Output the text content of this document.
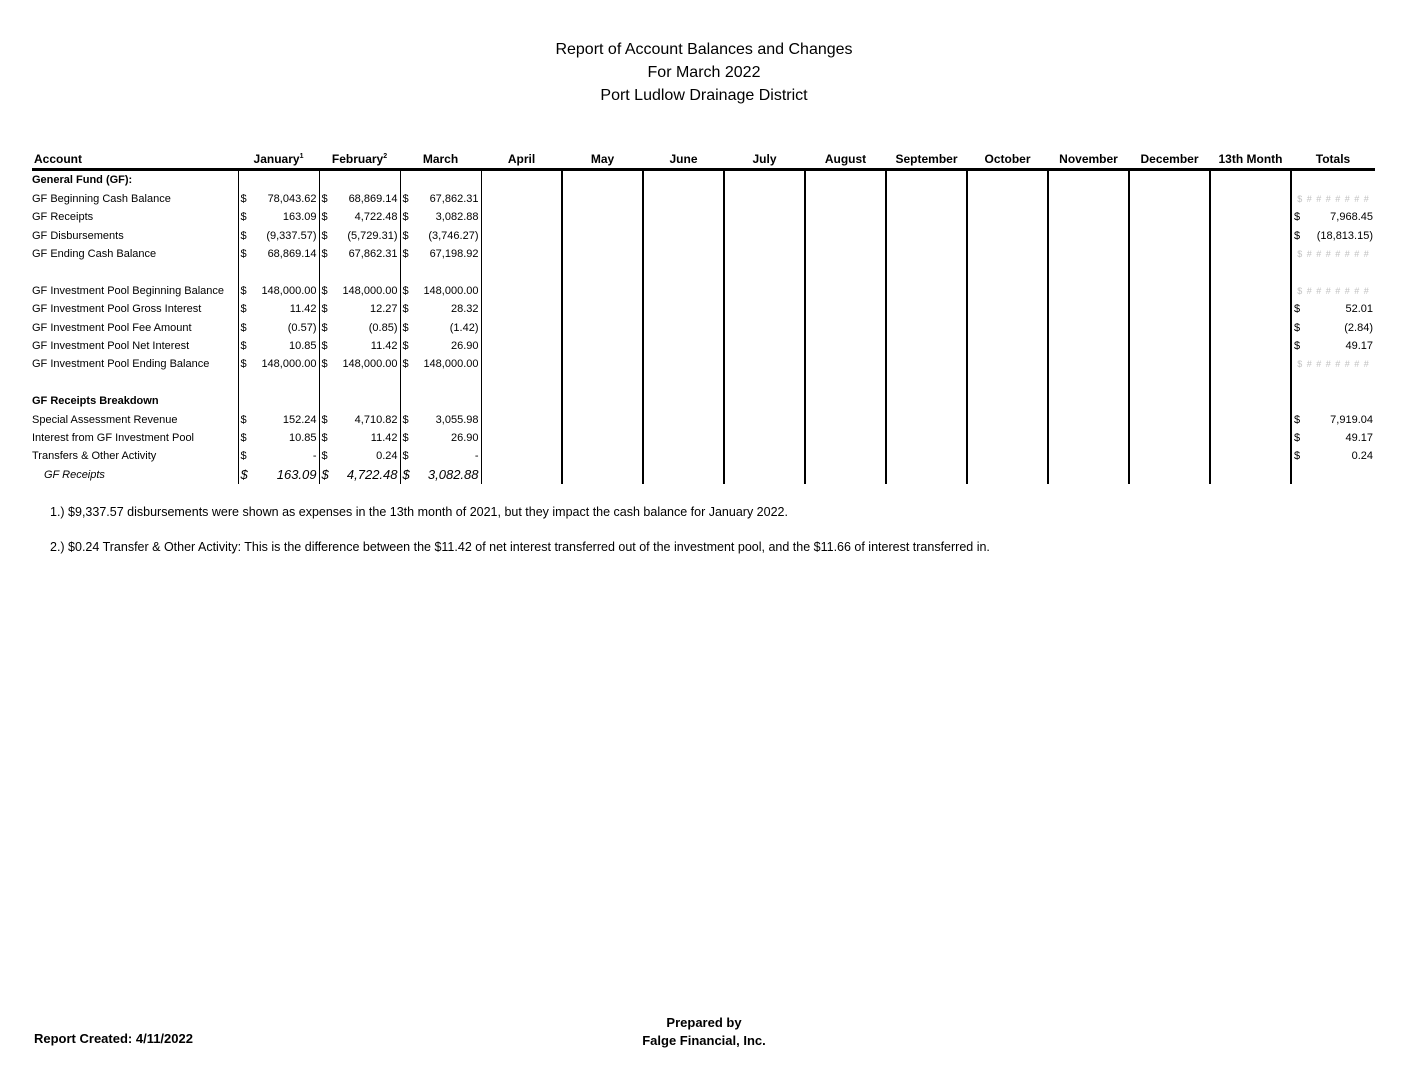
Report of Account Balances and Changes
For March 2022
Port Ludlow Drainage District
Account	January$^1$	February$^2$	March	April	May	June	July	August	September	October	November	December	13th Month	Totals
General Fund (GF):														
GF Beginning Cash Balance	$ 78,043.62	$ 68,869.14	$ 67,862.31											$ # # # # # # #

GF Receipts	$ 163.09	$ 4,722.48	$ 3,082.88											$ 7,968.45

GF Disbursements	$ (9,337.57)	$ (5,729.31)	$ (3,746.27)											$ (18,813.15)

GF Ending Cash Balance	$ 68,869.14	$ 67,862.31	$ 67,198.92											$ # # # # # # #

GF Investment Pool Beginning Balance	$ 148,000.00	$ 148,000.00	$ 148,000.00											$ # # # # # # #

GF Investment Pool Gross Interest	$ 11.42	$ 12.27	$ 28.32											$ 52.01

GF Investment Pool Fee Amount	$ (0.57)	$ (0.85)	$ (1.42)											$ (2.84)

GF Investment Pool Net Interest	$ 10.85	$ 11.42	$ 26.90											$ 49.17

GF Investment Pool Ending Balance	$ 148,000.00	$ 148,000.00	$ 148,000.00											$ # # # # # # #

GF Receipts Breakdown														
Special Assessment Revenue	$ 152.24	$ 4,710.82	$ 3,055.98											$ 7,919.04

Interest from GF Investment Pool	$ 10.85	$ 11.42	$ 26.90											$ 49.17

Transfers & Other Activity	$ -	$ 0.24	$ -											$ 0.24

GF Receipts	$ 163.09	$ 4,722.48	$ 3,082.88											

1.) $9,337.57 disbursements were shown as expenses in the 13th month of 2021, but they impact the cash balance for January 2022.
2.) $0.24 Transfer & Other Activity: This is the difference between the $11.42 of net interest transferred out of the investment pool, and the $11.66 of interest transferred in.
Report Created: 4/11/2022
Prepared by
Falge Financial, Inc.
